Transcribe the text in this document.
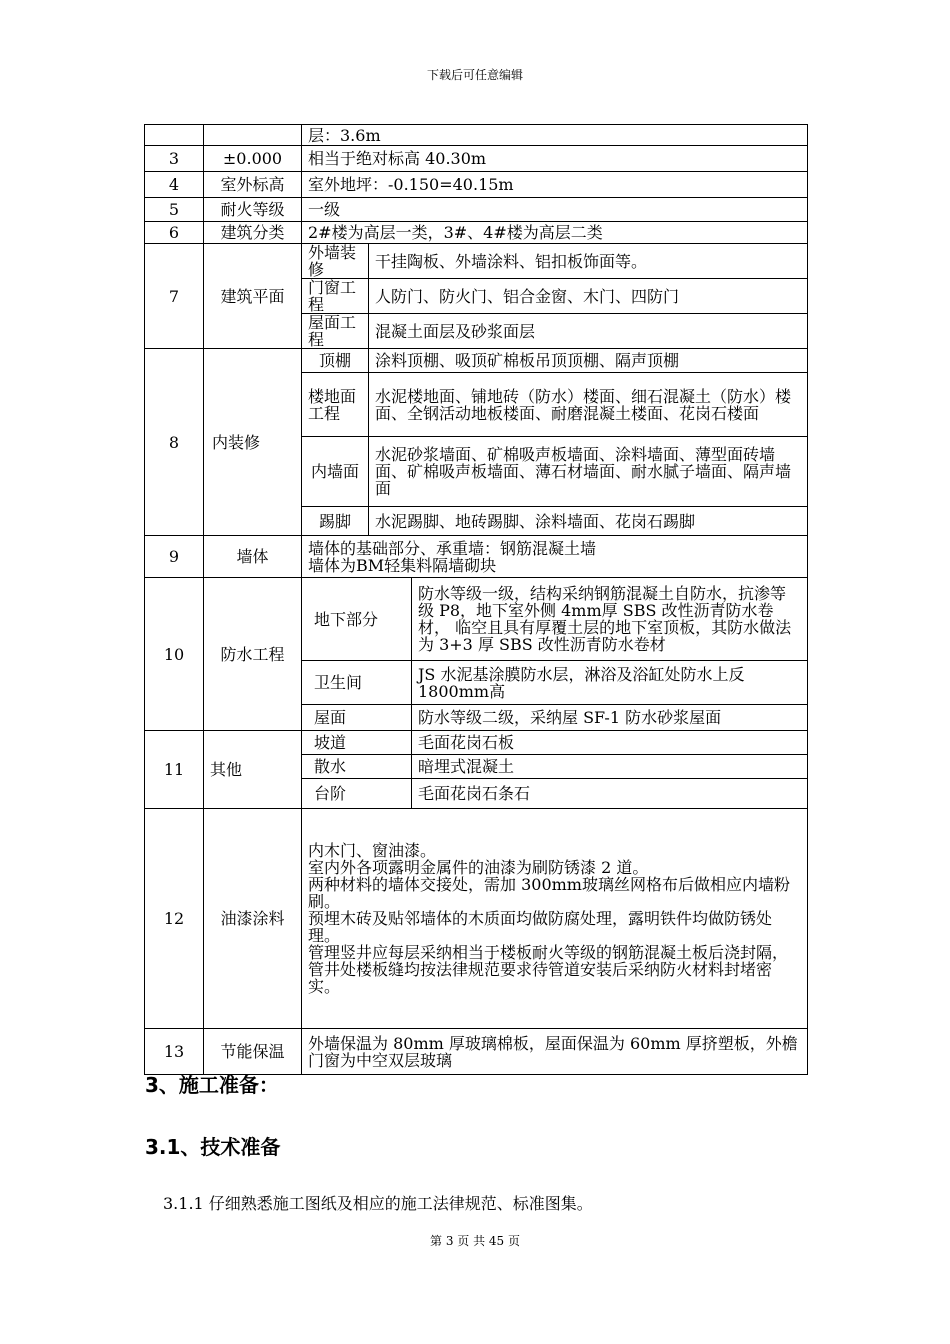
下载后可任意编辑
		层：3.6m		
3	±0.000	相当于绝对标高 40.30m		
4	室外标高	室外地坪：-0.150=40.15m		
5	耐火等级	一级		
6	建筑分类	2#楼为高层一类，3#、4#楼为高层二类		
7	建筑平面	外墙装修	干挂陶板、外墙涂料、铝扣板饰面等。	
		门窗工程	人防门、防火门、铝合金窗、木门、四防门	
		屋面工程	混凝土面层及砂浆面层	
8	内装修	顶棚	涂料顶棚、吸顶矿棉板吊顶顶棚、隔声顶棚	
		楼地面工程	水泥楼地面、铺地砖（防水）楼面、细石混凝土（防水）楼面、全钢活动地板楼面、耐磨混凝土楼面、花岗石楼面	
		内墙面	水泥砂浆墙面、矿棉吸声板墙面、涂料墙面、薄型面砖墙面、矿棉吸声板墙面、薄石材墙面、耐水腻子墙面、隔声墙面	
		踢脚	水泥踢脚、地砖踢脚、涂料墙面、花岗石踢脚	
9	墙体	墙体的基础部分、承重墙：钢筋混凝土墙
墙体为BM轻集料隔墙砌块		

10	防水工程	地下部分		防水等级一级，结构采纳钢筋混凝土自防水，抗渗等级 P8，地下室外侧 4mm厚 SBS 改性沥青防水卷材， 临空且具有厚覆土层的地下室顶板，其防水做法为 3+3 厚 SBS 改性沥青防水卷材
		卫生间		JS 水泥基涂膜防水层，淋浴及浴缸处防水上反 1800mm高
		屋面		防水等级二级，采纳屋 SF-1 防水砂浆屋面
11	其他	坡道		毛面花岗石板
		散水		暗埋式混凝土
		台阶		毛面花岗石条石
12	油漆涂料	内木门、窗油漆。
室内外各项露明金属件的油漆为刷防锈漆 2 道。
两种材料的墙体交接处，需加 300mm玻璃丝网格布后做相应内墙粉刷。
预埋木砖及贴邻墙体的木质面均做防腐处理，露明铁件均做防锈处理。
管理竖井应每层采纳相当于楼板耐火等级的钢筋混凝土板后浇封隔，管井处楼板缝均按法律规范要求待管道安装后采纳防火材料封堵密实。		

13	节能保温	外墙保温为 80mm 厚玻璃棉板，屋面保温为 60mm 厚挤塑板，外檐门窗为中空双层玻璃		
3、施工准备：
3.1、技术准备
3.1.1 仔细熟悉施工图纸及相应的施工法律规范、标准图集。
第 3 页 共 45 页
